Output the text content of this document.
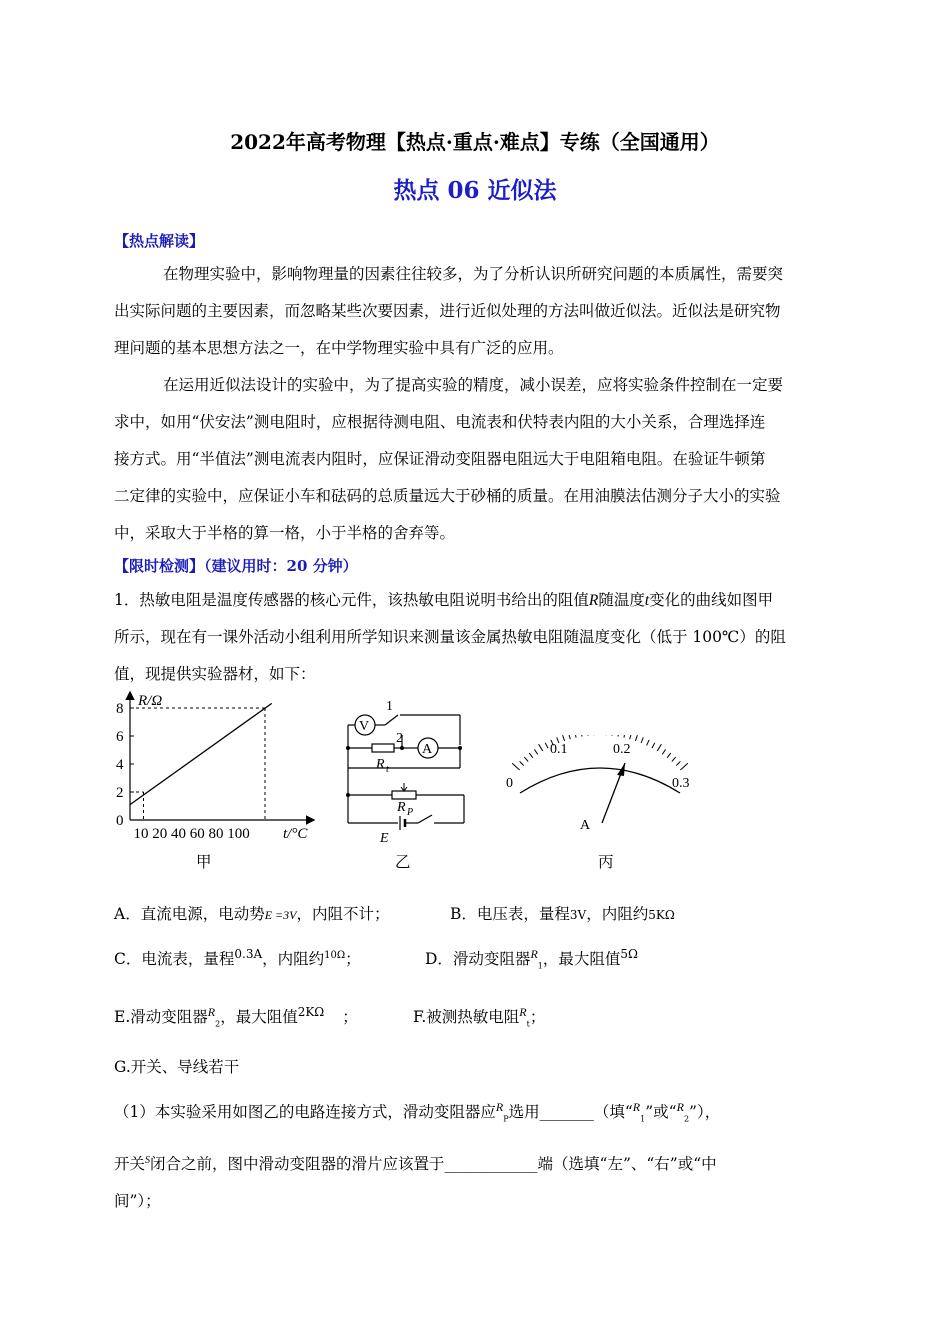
2022年高考物理【热点·重点·难点】专练（全国通用）
热点 06 近似法
【热点解读】
在物理实验中，影响物理量的因素往往较多，为了分析认识所研究问题的本质属性，需要突
出实际问题的主要因素，而忽略某些次要因素，进行近似处理的方法叫做近似法。近似法是研究物
理问题的基本思想方法之一，在中学物理实验中具有广泛的应用。
在运用近似法设计的实验中，为了提高实验的精度，减小误差，应将实验条件控制在一定要
求中，如用“伏安法”测电阻时，应根据待测电阻、电流表和伏特表内阻的大小关系，合理选择连
接方式。用“半值法”测电流表内阻时，应保证滑动变阻器电阻远大于电阻箱电阻。在验证牛顿第
二定律的实验中，应保证小车和砝码的总质量远大于砂桶的质量。在用油膜法估测分子大小的实验
中，采取大于半格的算一格，小于半格的舍弃等。
【限时检测】（建议用时：20 分钟）
1．热敏电阻是温度传感器的核心元件，该热敏电阻说明书给出的阻值R随温度t变化的曲线如图甲
所示，现在有一课外活动小组利用所学知识来测量该金属热敏电阻随温度变化（低于 100℃）的阻
值，现提供实验器材，如下：
R/Ω
0
2
4
6
8
10 20 40 60 80 100 t/°C
V
A
1
2
R t
R P
E
0
0.1	0.2
0.3
A
甲	乙	丙
A．直流电源，电动势E =3V，内阻不计；	B．电压表，量程3V，内阻约5KΩ
C．电流表，量程$^{0.3A}$，内阻约$^{10\Omega}$；	D．滑动变阻器$^R_1$，最大阻值$^{5\Omega}$
E.滑动变阻器$^R_2$，最大阻值$^{2K\Omega}$ ；	F.被测热敏电阻$^R_t$；
G.开关、导线若干
（1）本实验采用如图乙的电路连接方式，滑动变阻器应$^R_P$选用_______（填“$^R_1$”或“$^R_2$”），
开关$^S$闭合之前，图中滑动变阻器的滑片应该置于____________端（选填“左”、“右”或“中
间”）；
